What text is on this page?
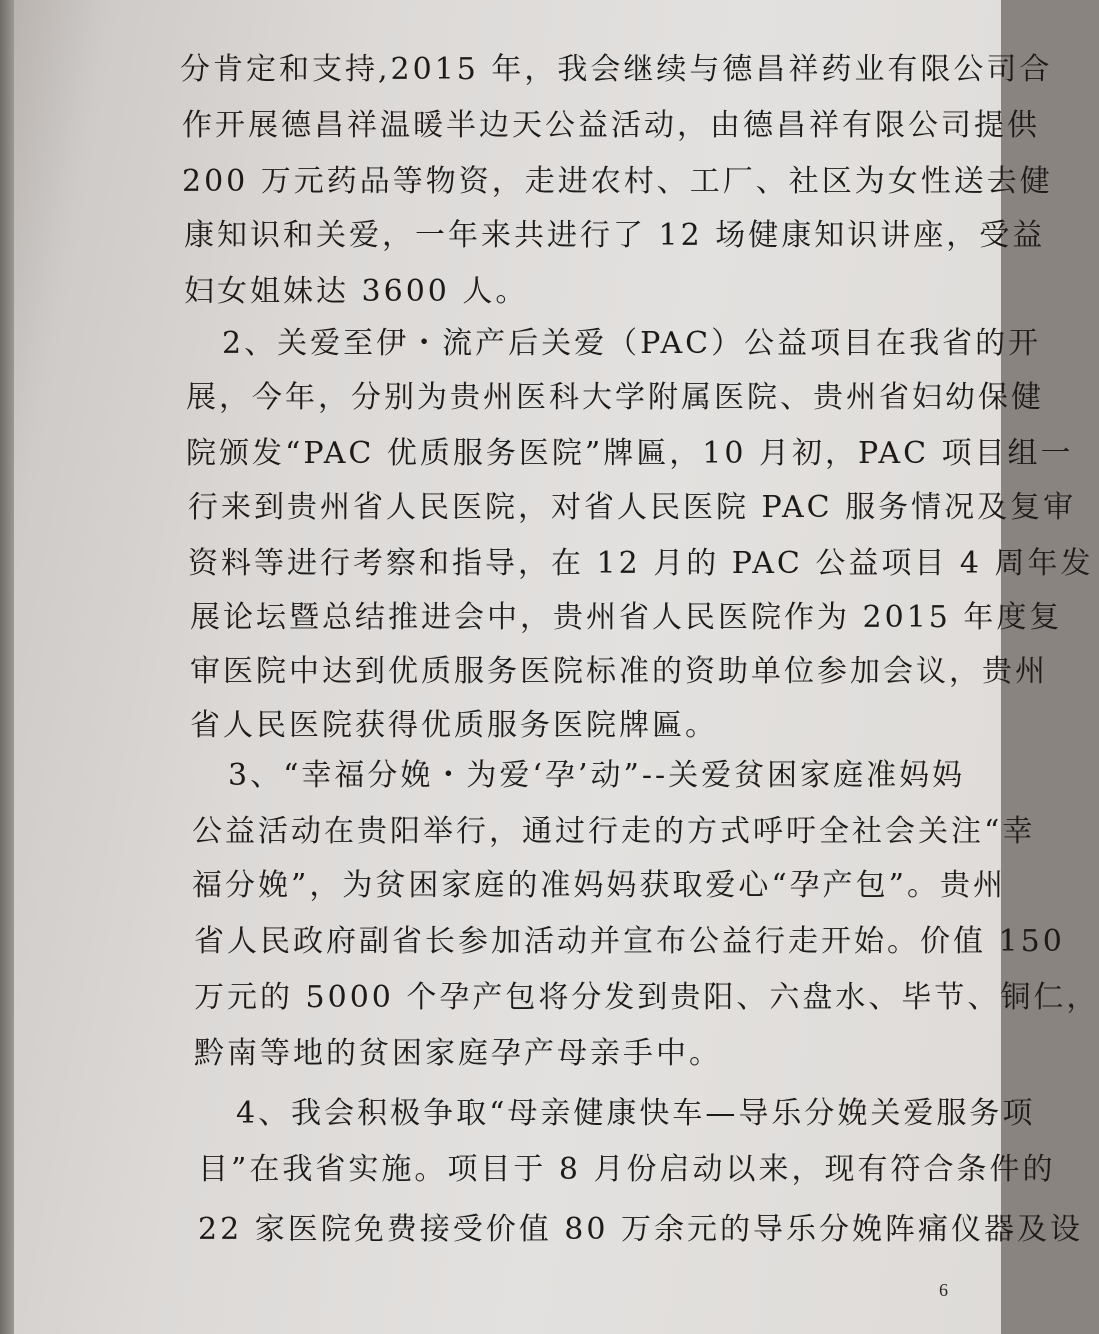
分肯定和支持,2015 年，我会继续与德昌祥药业有限公司合
作开展德昌祥温暖半边天公益活动，由德昌祥有限公司提供
200 万元药品等物资，走进农村、工厂、社区为女性送去健
康知识和关爱，一年来共进行了 12 场健康知识讲座，受益
妇女姐妹达 3600 人。
2、关爱至伊・流产后关爱（PAC）公益项目在我省的开
展，今年，分别为贵州医科大学附属医院、贵州省妇幼保健
院颁发“PAC 优质服务医院”牌匾，10 月初，PAC 项目组一
行来到贵州省人民医院，对省人民医院 PAC 服务情况及复审
资料等进行考察和指导，在 12 月的 PAC 公益项目 4 周年发
展论坛暨总结推进会中，贵州省人民医院作为 2015 年度复
审医院中达到优质服务医院标准的资助单位参加会议，贵州
省人民医院获得优质服务医院牌匾。
3、“幸福分娩・为爱‘孕’动”--关爱贫困家庭准妈妈
公益活动在贵阳举行，通过行走的方式呼吁全社会关注“幸
福分娩”，为贫困家庭的准妈妈获取爱心“孕产包”。贵州
省人民政府副省长参加活动并宣布公益行走开始。价值 150
万元的 5000 个孕产包将分发到贵阳、六盘水、毕节、铜仁，
黔南等地的贫困家庭孕产母亲手中。
4、我会积极争取“母亲健康快车—导乐分娩关爱服务项
目”在我省实施。项目于 8 月份启动以来，现有符合条件的
22 家医院免费接受价值 80 万余元的导乐分娩阵痛仪器及设
6
